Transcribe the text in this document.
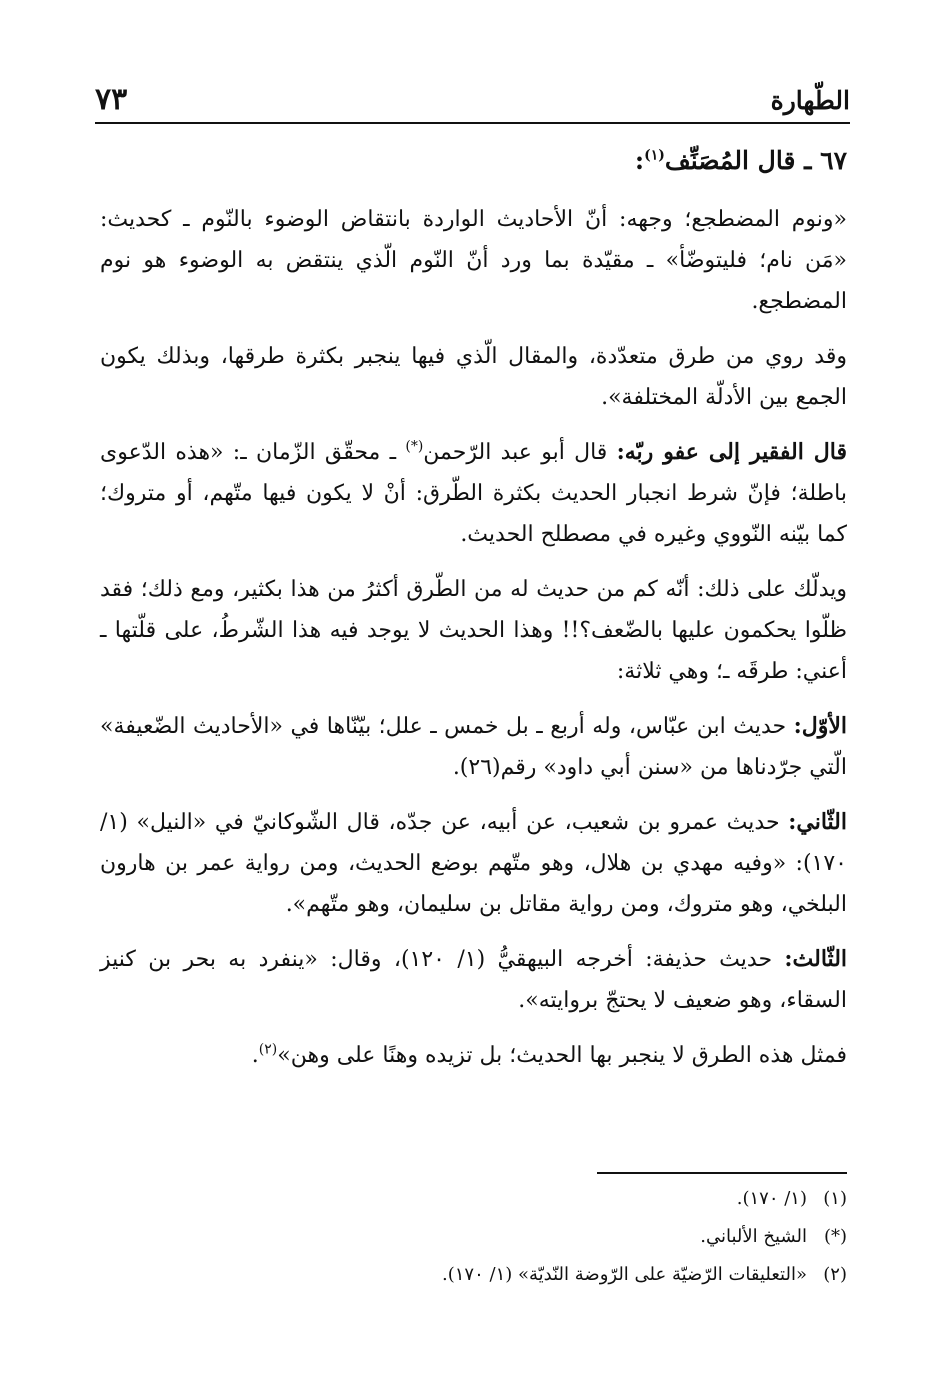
الطّهارة
٧٣

٦٧ ـ قال المُصَنِّف$^{(١)}$:

«ونوم المضطجع؛ وجهه: أنّ الأحاديث الواردة بانتقاض الوضوء بالنّوم ـ كحديث: «مَن نام؛ فليتوضّأ» ـ مقيّدة بما ورد أنّ النّوم الّذي ينتقض به الوضوء هو نوم المضطجع.

وقد روي من طرق متعدّدة، والمقال الّذي فيها ينجبر بكثرة طرقها، وبذلك يكون الجمع بين الأدلّة المختلفة».

قال الفقير إلى عفو ربّه: قال أبو عبد الرّحمن(*) ـ محقّق الزّمان ـ: «هذه الدّعوى باطلة؛ فإنّ شرط انجبار الحديث بكثرة الطّرق: أنْ لا يكون فيها متّهم، أو متروك؛ كما بيّنه النّووي وغيره في مصطلح الحديث.

ويدلّك على ذلك: أنّه كم من حديث له من الطّرق أكثرُ من هذا بكثير، ومع ذلك؛ فقد ظلّوا يحكمون عليها بالضّعف؟!! وهذا الحديث لا يوجد فيه هذا الشّرطُ، على قلّتها ـ أعني: طرقَه ـ؛ وهي ثلاثة:

الأوّل: حديث ابن عبّاس، وله أربع ـ بل خمس ـ علل؛ بيّنّاها في «الأحاديث الضّعيفة» الّتي جرّدناها من «سنن أبي داود» رقم(٢٦).

الثّاني: حديث عمرو بن شعيب، عن أبيه، عن جدّه، قال الشّوكانيّ في «النيل» (١/ ١٧٠): «وفيه مهدي بن هلال، وهو متّهم بوضع الحديث، ومن رواية عمر بن هارون البلخي، وهو متروك، ومن رواية مقاتل بن سليمان، وهو متّهم».

الثّالث: حديث حذيفة: أخرجه البيهقيُّ (١/ ١٢٠)، وقال: «ينفرد به بحر بن كنيز السقاء، وهو ضعيف لا يحتجّ بروايته».

فمثل هذه الطرق لا ينجبر بها الحديث؛ بل تزيده وهنًا على وهن»$^{(٢)}$.

(١)(١/ ١٧٠).

(*)الشيخ الألباني.

(٢)«التعليقات الرّضيّة على الرّوضة النّديّة» (١/ ١٧٠).
